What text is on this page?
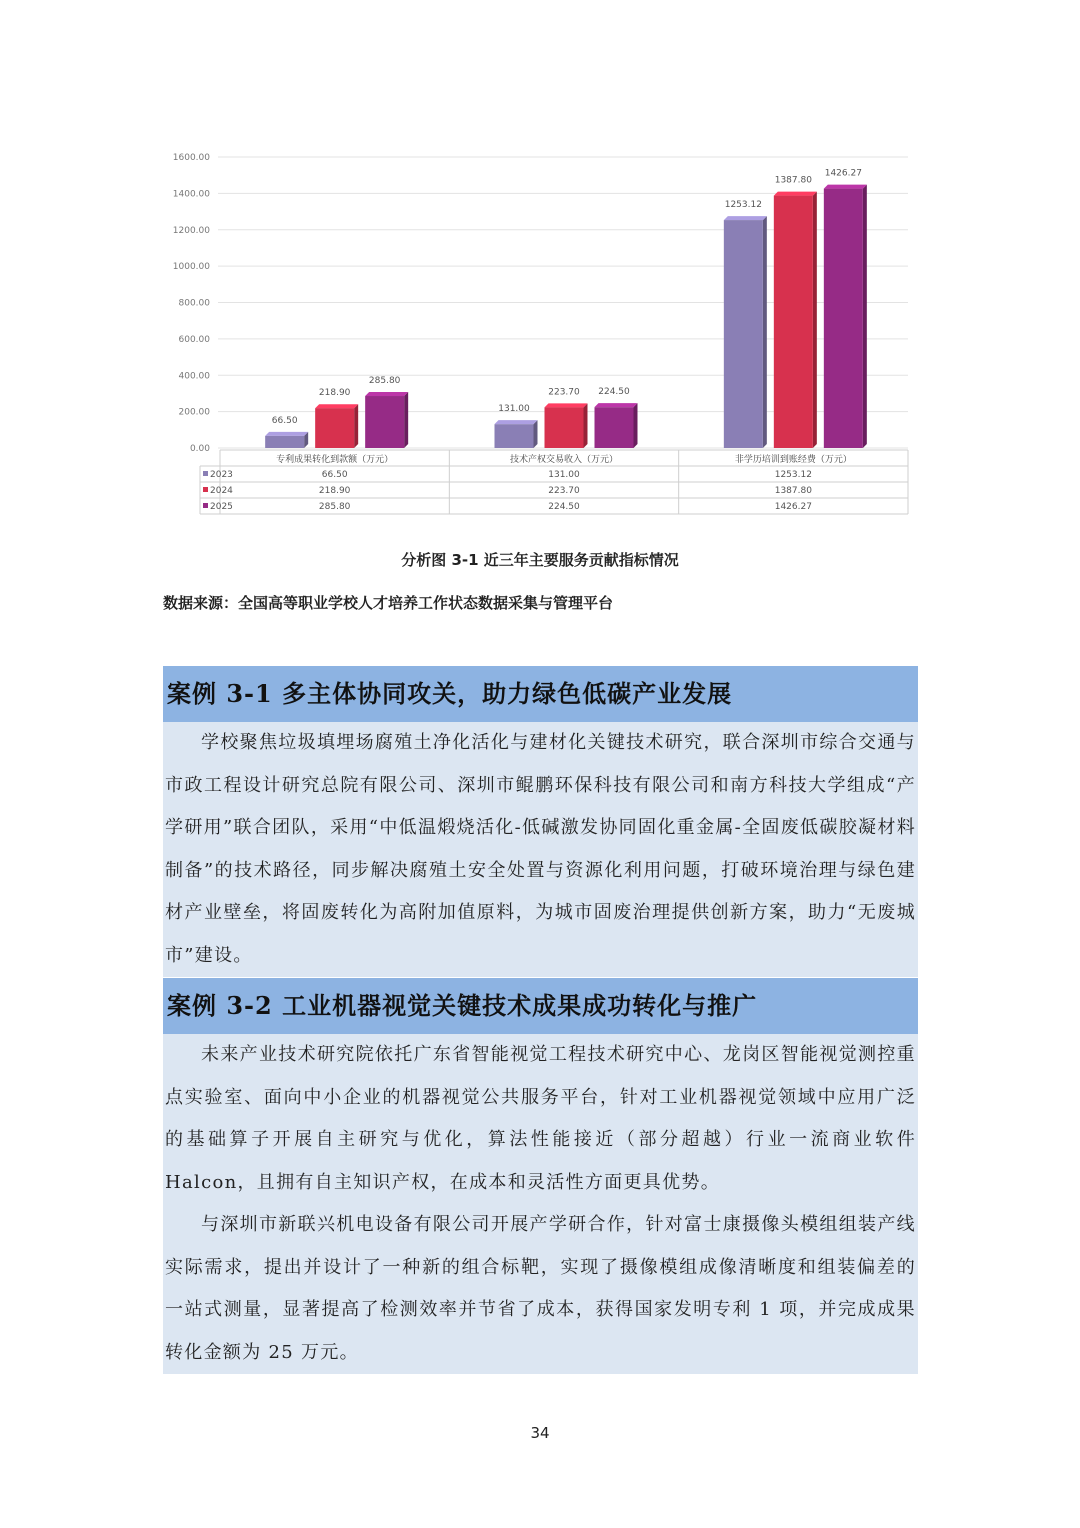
0.00
200.00
400.00
600.00
800.00
1000.00
1200.00
1400.00
1600.00
66.50
218.90
285.80
131.00
223.70 224.50
1253.12
1387.80
1426.27
专利成果转化到款额（万元）	技术产权交易收入（万元）	非学历培训到账经费（万元）
2023	66.50	131.00	1253.12
2024	218.90	223.70	1387.80
2025	285.80	224.50	1426.27
分析图 3-1 近三年主要服务贡献指标情况
数据来源：全国高等职业学校人才培养工作状态数据采集与管理平台
案例 3-1 多主体协同攻关，助力绿色低碳产业发展

学校聚焦垃圾填埋场腐殖土净化活化与建材化关键技术研究，联合深圳市综合交通与市政工程设计研究总院有限公司、深圳市鲲鹏环保科技有限公司和南方科技大学组成“产学研用”联合团队，采用“中低温煅烧活化-低碱激发协同固化重金属-全固废低碳胶凝材料制备”的技术路径，同步解决腐殖土安全处置与资源化利用问题，打破环境治理与绿色建材产业壁垒，将固废转化为高附加值原料，为城市固废治理提供创新方案，助力“无废城市”建设。

案例 3-2 工业机器视觉关键技术成果成功转化与推广

未来产业技术研究院依托广东省智能视觉工程技术研究中心、龙岗区智能视觉测控重点实验室、面向中小企业的机器视觉公共服务平台，针对工业机器视觉领域中应用广泛的基础算子开展自主研究与优化，算法性能接近（部分超越）行业一流商业软件 Halcon，且拥有自主知识产权，在成本和灵活性方面更具优势。

与深圳市新联兴机电设备有限公司开展产学研合作，针对富士康摄像头模组组装产线实际需求，提出并设计了一种新的组合标靶，实现了摄像模组成像清晰度和组装偏差的一站式测量，显著提高了检测效率并节省了成本，获得国家发明专利 1 项，并完成成果转化金额为 25 万元。

34
